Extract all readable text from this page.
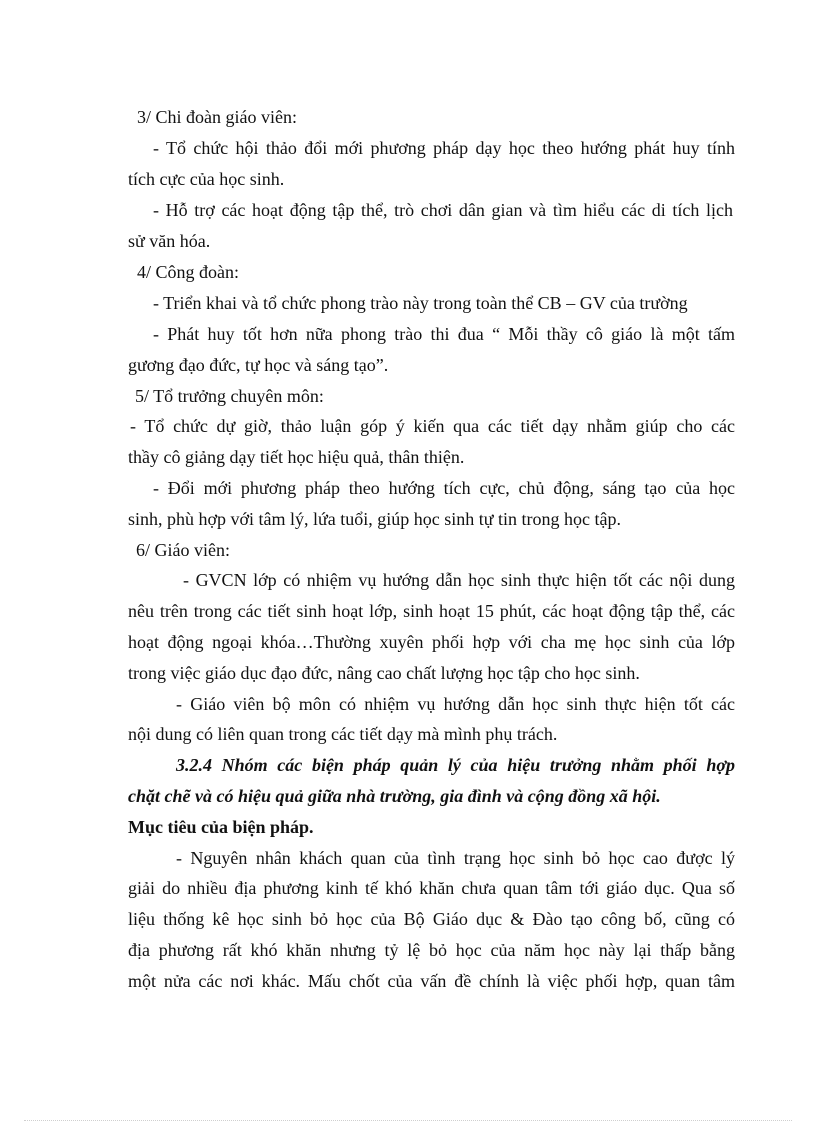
3/ Chi đoàn giáo viên:
- Tổ chức hội thảo đổi mới phương pháp dạy học theo hướng phát huy tính
tích cực của học sinh.
- Hỗ trợ các hoạt động tập thể, trò chơi dân gian và tìm hiểu các di tích lịch
sử văn hóa.
4/ Công đoàn:
- Triển khai và tổ chức phong trào này trong toàn thể CB – GV của trường
- Phát huy tốt hơn nữa phong trào thi đua “ Mỗi thầy cô giáo là một tấm
gương đạo đức, tự học và sáng tạo”.
5/ Tổ trưởng chuyên môn:
- Tổ chức dự giờ, thảo luận góp ý kiến qua các tiết dạy nhằm giúp cho các
thầy cô giảng dạy tiết học hiệu quả, thân thiện.
- Đổi mới phương pháp theo hướng tích cực, chủ động, sáng tạo của học
sinh, phù hợp với tâm lý, lứa tuổi, giúp học sinh tự tin trong học tập.
6/ Giáo viên:
- GVCN lớp có nhiệm vụ hướng dẫn học sinh thực hiện tốt các nội dung
nêu trên trong các tiết sinh hoạt lớp, sinh hoạt 15 phút, các hoạt động tập thể, các
hoạt động ngoại khóa…Thường xuyên phối hợp với cha mẹ học sinh của lớp
trong việc giáo dục đạo đức, nâng cao chất lượng học tập cho học sinh.
- Giáo viên bộ môn có nhiệm vụ hướng dẫn học sinh thực hiện tốt các
nội dung có liên quan trong các tiết dạy mà mình phụ trách.
3.2.4 Nhóm các biện pháp quản lý của hiệu trưởng nhằm phối hợp
chặt chẽ và có hiệu quả giữa nhà trường, gia đình và cộng đồng xã hội.
Mục tiêu của biện pháp.
- Nguyên nhân khách quan của tình trạng học sinh bỏ học cao được lý
giải do nhiều địa phương kinh tế khó khăn chưa quan tâm tới giáo dục. Qua số
liệu thống kê học sinh bỏ học của Bộ Giáo dục & Đào tạo công bố, cũng có
địa phương rất khó khăn nhưng tỷ lệ bỏ học của năm học này lại thấp bằng
một nửa các nơi khác. Mấu chốt của vấn đề chính là việc phối hợp, quan tâm
